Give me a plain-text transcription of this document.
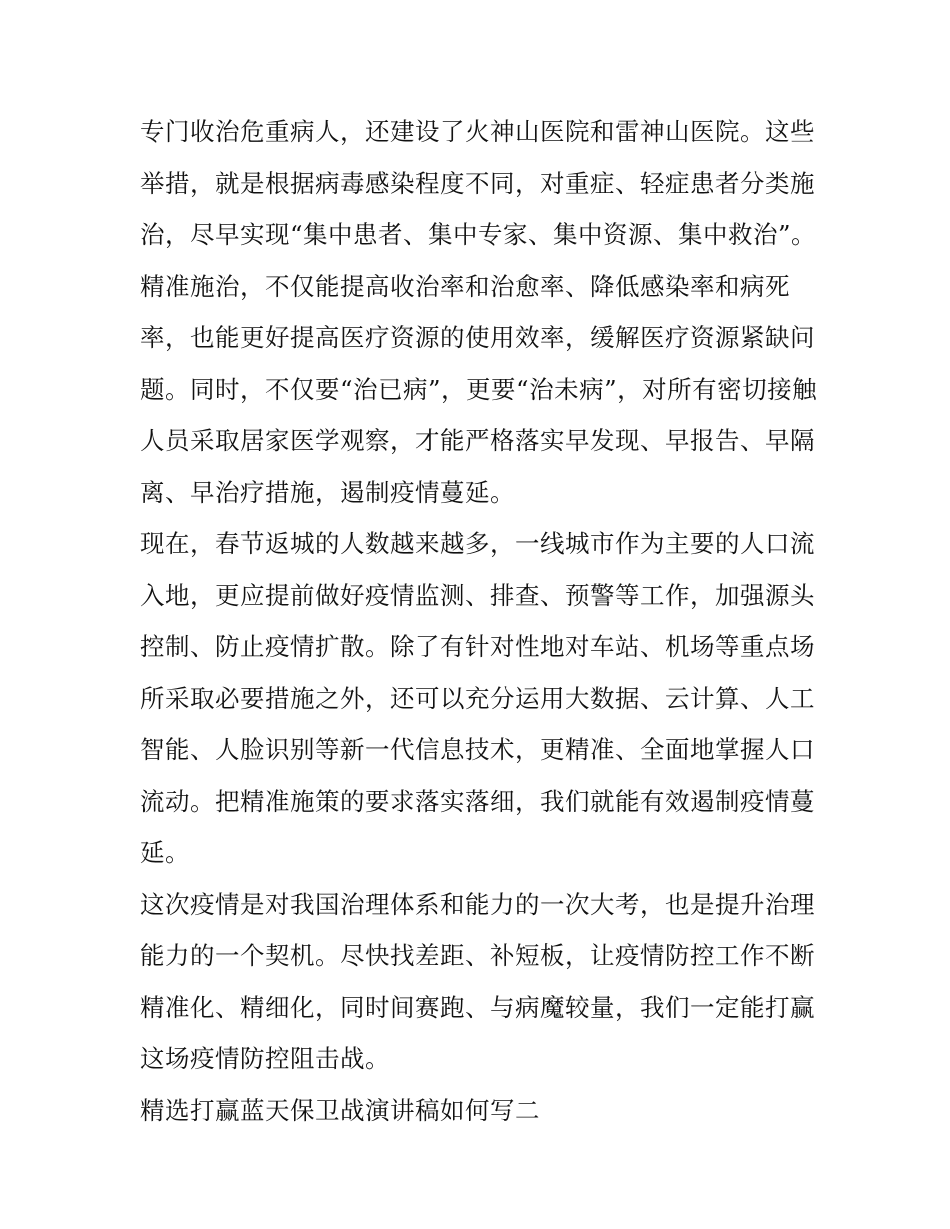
专门收治危重病人，还建设了火神山医院和雷神山医院。这些
举措，就是根据病毒感染程度不同，对重症、轻症患者分类施
治，尽早实现“集中患者、集中专家、集中资源、集中救治”。
精准施治，不仅能提高收治率和治愈率、降低感染率和病死
率，也能更好提高医疗资源的使用效率，缓解医疗资源紧缺问
题。同时，不仅要“治已病”，更要“治未病”，对所有密切接触
人员采取居家医学观察，才能严格落实早发现、早报告、早隔
离、早治疗措施，遏制疫情蔓延。
现在，春节返城的人数越来越多，一线城市作为主要的人口流
入地，更应提前做好疫情监测、排查、预警等工作，加强源头
控制、防止疫情扩散。除了有针对性地对车站、机场等重点场
所采取必要措施之外，还可以充分运用大数据、云计算、人工
智能、人脸识别等新一代信息技术，更精准、全面地掌握人口
流动。把精准施策的要求落实落细，我们就能有效遏制疫情蔓
延。
这次疫情是对我国治理体系和能力的一次大考，也是提升治理
能力的一个契机。尽快找差距、补短板，让疫情防控工作不断
精准化、精细化，同时间赛跑、与病魔较量，我们一定能打赢
这场疫情防控阻击战。
精选打赢蓝天保卫战演讲稿如何写二
